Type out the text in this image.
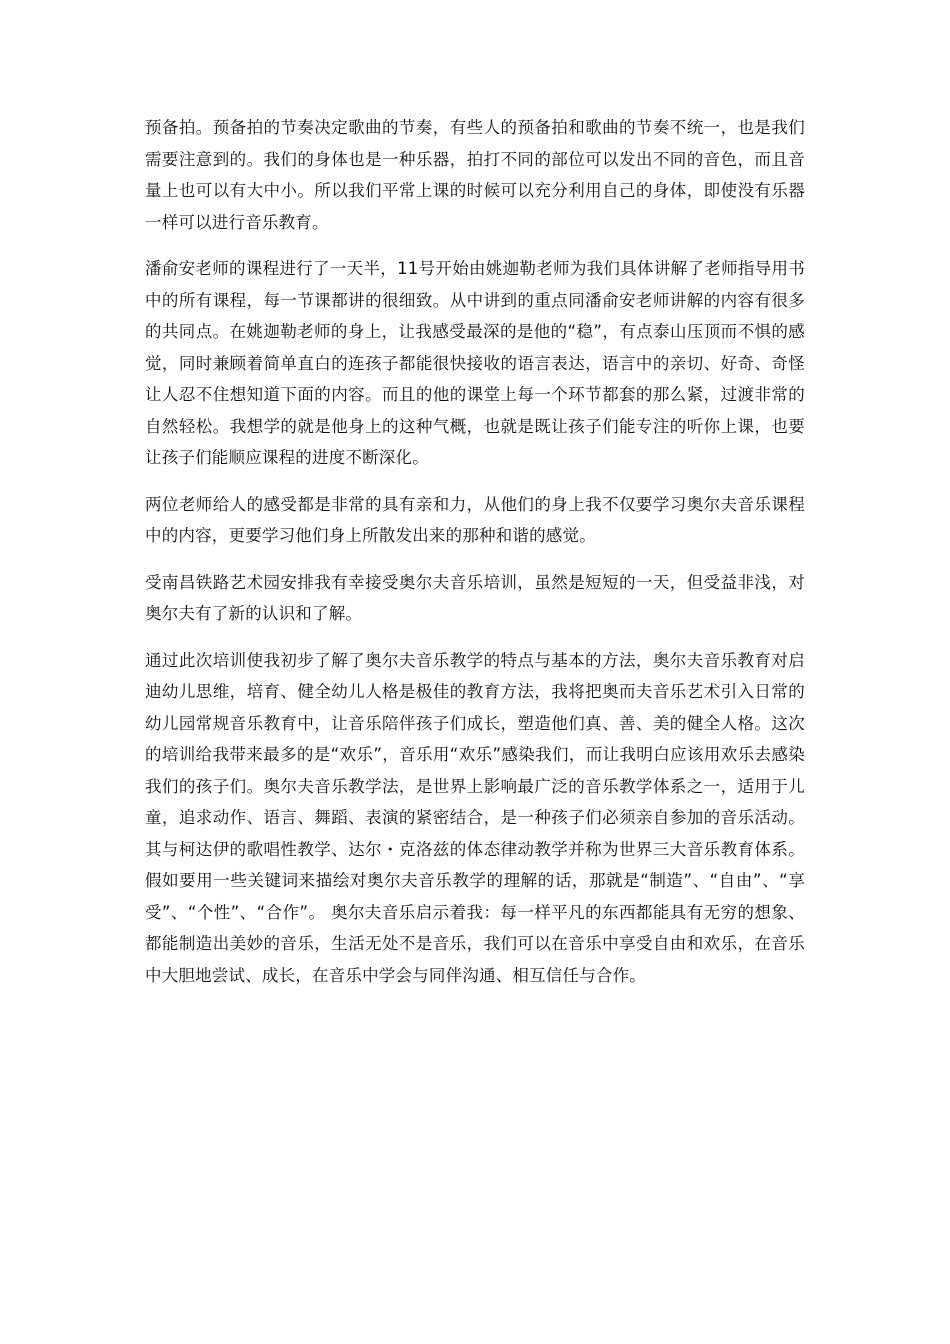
预备拍。预备拍的节奏决定歌曲的节奏，有些人的预备拍和歌曲的节奏不统一，也是我们需要注意到的。我们的身体也是一种乐器，拍打不同的部位可以发出不同的音色，而且音量上也可以有大中小。所以我们平常上课的时候可以充分利用自己的身体，即使没有乐器一样可以进行音乐教育。

潘俞安老师的课程进行了一天半，11号开始由姚迦勒老师为我们具体讲解了老师指导用书中的所有课程，每一节课都讲的很细致。从中讲到的重点同潘俞安老师讲解的内容有很多的共同点。在姚迦勒老师的身上，让我感受最深的是他的“稳”，有点泰山压顶而不惧的感觉，同时兼顾着简单直白的连孩子都能很快接收的语言表达，语言中的亲切、好奇、奇怪让人忍不住想知道下面的内容。而且的他的课堂上每一个环节都套的那么紧，过渡非常的自然轻松。我想学的就是他身上的这种气概，也就是既让孩子们能专注的听你上课，也要让孩子们能顺应课程的进度不断深化。

两位老师给人的感受都是非常的具有亲和力，从他们的身上我不仅要学习奥尔夫音乐课程中的内容，更要学习他们身上所散发出来的那种和谐的感觉。

受南昌铁路艺术园安排我有幸接受奥尔夫音乐培训，虽然是短短的一天，但受益非浅，对奥尔夫有了新的认识和了解。

通过此次培训使我初步了解了奥尔夫音乐教学的特点与基本的方法，奥尔夫音乐教育对启迪幼儿思维，培育、健全幼儿人格是极佳的教育方法，我将把奥而夫音乐艺术引入日常的幼儿园常规音乐教育中，让音乐陪伴孩子们成长，塑造他们真、善、美的健全人格。这次的培训给我带来最多的是“欢乐”，音乐用“欢乐”感染我们，而让我明白应该用欢乐去感染我们的孩子们。奥尔夫音乐教学法，是世界上影响最广泛的音乐教学体系之一，适用于儿童，追求动作、语言、舞蹈、表演的紧密结合，是一种孩子们必须亲自参加的音乐活动。其与柯达伊的歌唱性教学、达尔・克洛兹的体态律动教学并称为世界三大音乐教育体系。假如要用一些关键词来描绘对奥尔夫音乐教学的理解的话，那就是“制造”、“自由”、“享受”、“个性”、“合作”。 奥尔夫音乐启示着我：每一样平凡的东西都能具有无穷的想象、都能制造出美妙的音乐，生活无处不是音乐，我们可以在音乐中享受自由和欢乐，在音乐中大胆地尝试、成长，在音乐中学会与同伴沟通、相互信任与合作。
